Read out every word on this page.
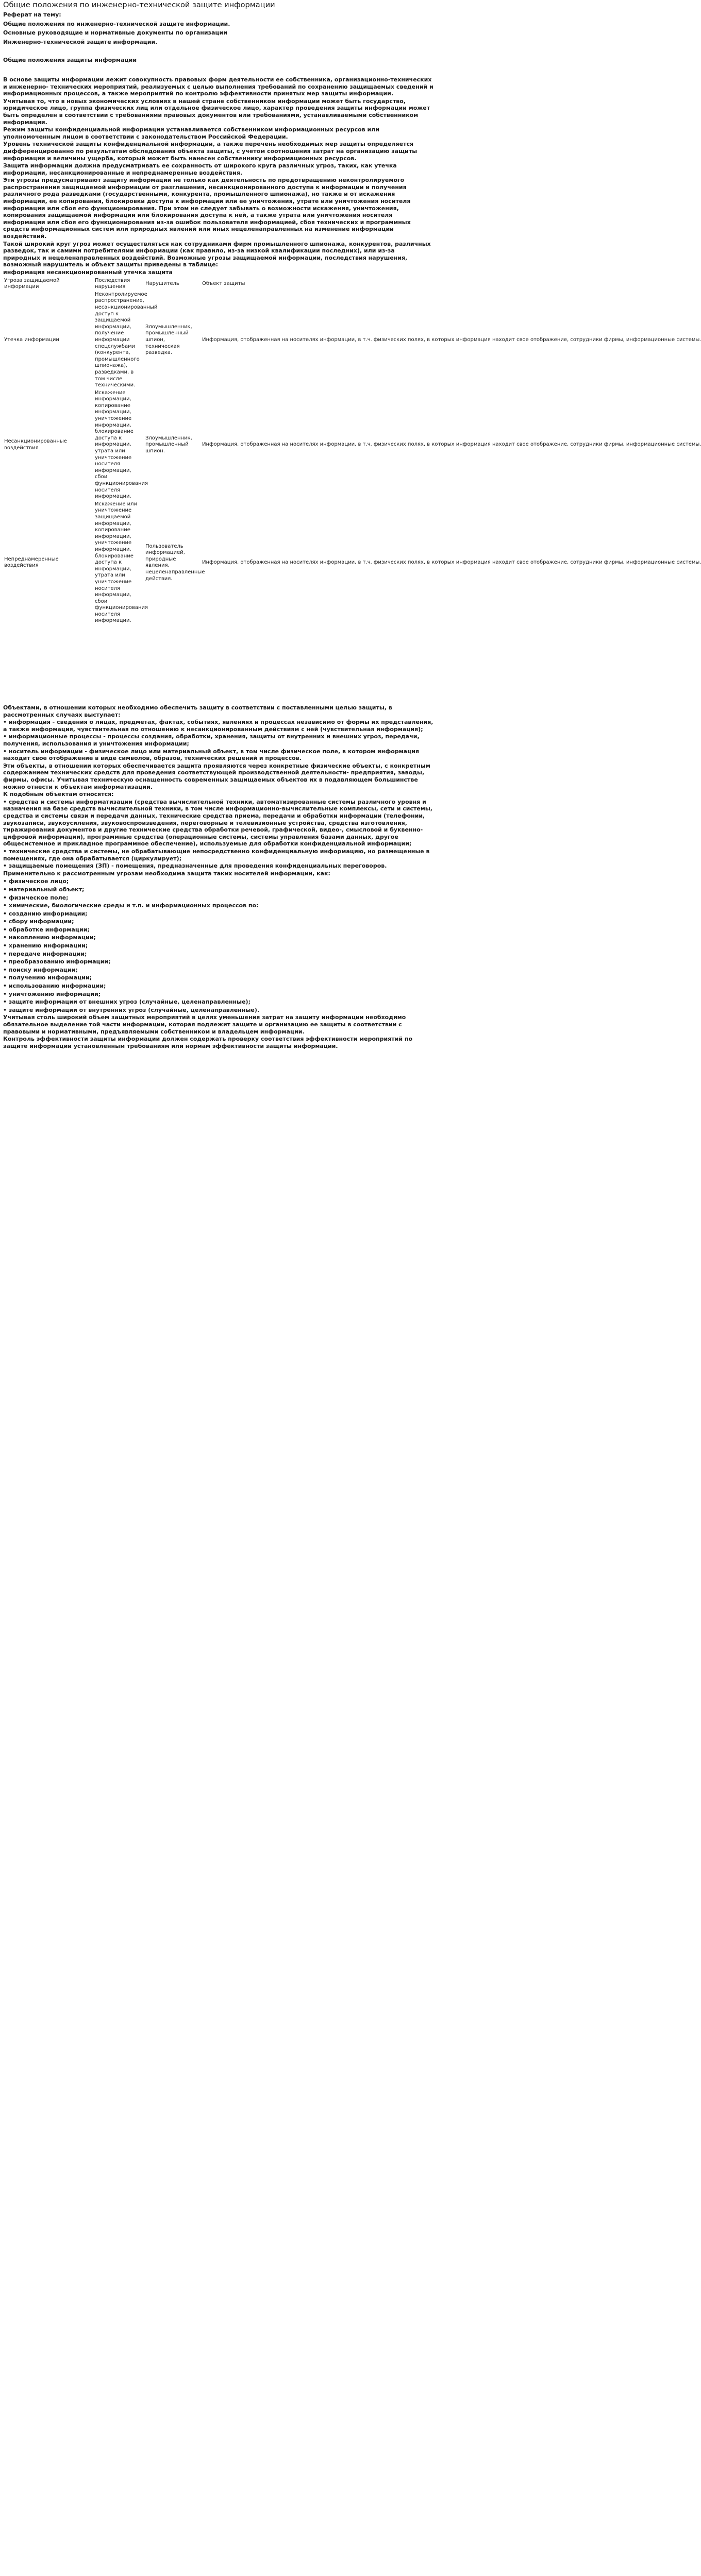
Общие положения по инженерно-технической защите информации

Реферат на тему:

Общие положения по инженерно-технической защите информации.

Основные руководящие и нормативные документы по организации

Инженерно-технической защите информации.

Общие положения защиты информации

В основе защиты информации лежит совокупность правовых форм деятельности ее собственника, организационно-технических и инженерно- технических мероприятий, реализуемых с целью выполнения требований по сохранению защищаемых сведений и информационных процессов, а также мероприятий по контролю эффективности принятых мер защиты информации.

Учитывая то, что в новых экономических условиях в нашей стране собственником информации может быть государство, юридическое лицо, группа физических лиц или отдельное физическое лицо, характер проведения защиты информации может быть определен в соответствии с требованиями правовых документов или требованиями, устанавливаемыми собственником информации.

Режим защиты конфиденциальной информации устанавливается собственником информационных ресурсов или уполномоченным лицом в соответствии с законодательством Российской Федерации.

Уровень технической защиты конфиденциальной информации, а также перечень необходимых мер защиты определяется дифференцированно по результатам обследования объекта защиты, с учетом соотношения затрат на организацию защиты информации и величины ущерба, который может быть нанесен собственнику информационных ресурсов.

Защита информации должна предусматривать ее сохранность от широкого круга различных угроз, таких, как утечка информации, несанкционированные и непреднамеренные воздействия.

Эти угрозы предусматривают защиту информации не только как деятельность по предотвращению неконтролируемого распространения защищаемой информации от разглашения, несанкционированного доступа к информации и получения различного рода разведками (государственными, конкурента, промышленного шпионажа), но также и от искажения информации, ее копирования, блокировки доступа к информации или ее уничтожения, утрате или уничтожения носителя информации или сбоя его функционирования. При этом не следует забывать о возможности искажения, уничтожения, копирования защищаемой информации или блокирования доступа к ней, а также утрата или уничтожения носителя информации или сбоя его функционирования из-за ошибок пользователя информацией, сбоя технических и программных средств информационных систем или природных явлений или иных нецеленаправленных на изменение информации воздействий.

Такой широкий круг угроз может осуществляться как сотрудниками фирм промышленного шпионажа, конкурентов, различных разведок, так и самими потребителями информации (как правило, из-за низкой квалификации последних), или из-за природных и нецеленаправленных воздействий. Возможные угрозы защищаемой информации, последствия нарушения, возможный нарушитель и объект защиты приведены в таблице:

информация несанкционированный утечка защита

Угроза защищаемой информации	Последствия нарушения	Нарушитель	Объект защиты	
Утечка информации	Неконтролируемое распространение, несанкционированный доступ к защищаемой информации, получение информации спецслужбами (конкурента, промышленного шпионажа), разведками, в том числе техническими.	Злоумышленник, промышленный шпион, техническая разведка.	Информация, отображенная на носителях информации, в т.ч. физических полях, в которых информация находит свое отображение, сотрудники фирмы, информационные системы.	
Несанкционированные воздействия	Искажение информации, копирование информации, уничтожение информации, блокирование доступа к информации, утрата или уничтожение носителя информации, сбои функционирования носителя информации.	Злоумышленник, промышленный шпион.	Информация, отображенная на носителях информации, в т.ч. физических полях, в которых информация находит свое отображение, сотрудники фирмы, информационные системы.	
Непреднамеренные воздействия	Искажение или уничтожение защищаемой информации, копирование информации, уничтожение информации, блокирование доступа к информации, утрата или уничтожение носителя информации, сбои функционирования носителя информации.	Пользователь информацией, природные явления, нецеленаправленные действия.	Информация, отображенная на носителях информации, в т.ч. физических полях, в которых информация находит свое отображение, сотрудники фирмы, информационные системы.	

Объектами, в отношении которых необходимо обеспечить защиту в соответствии с поставленными целью защиты, в рассмотренных случаях выступает:

• информация - сведения о лицах, предметах, фактах, событиях, явлениях и процессах независимо от формы их представления, а также информация, чувствительная по отношению к несанкционированным действиям с ней (чувствительная информация);

• информационные процессы - процессы создания, обработки, хранения, защиты от внутренних и внешних угроз, передачи, получения, использования и уничтожения информации;

• носитель информации - физическое лицо или материальный объект, в том числе физическое поле, в котором информация находит свое отображение в виде символов, образов, технических решений и процессов.

Эти объекты, в отношении которых обеспечивается защита проявляются через конкретные физические объекты, с конкретным содержанием технических средств для проведения соответствующей производственной деятельности- предприятия, заводы, фирмы, офисы. Учитывая техническую оснащенность современных защищаемых объектов их в подавляющем большинстве можно отнести к объектам информатизации.

К подобным объектам относятся:

• средства и системы информатизации (средства вычислительной техники, автоматизированные системы различного уровня и назначения на базе средств вычислительной техники, в том числе информационно-вычислительные комплексы, сети и системы, средства и системы связи и передачи данных, технические средства приема, передачи и обработки информации (телефонии, звукозаписи, звукоусиления, звуковоспроизведения, переговорные и телевизионные устройства, средства изготовления, тиражирования документов и другие технические средства обработки речевой, графической, видео-, смысловой и буквенно-цифровой информации), программные средства (операционные системы, системы управления базами данных, другое общесистемное и прикладное программное обеспечение), используемые для обработки конфиденциальной информации;

• технические средства и системы, не обрабатывающие непосредственно конфиденциальную информацию, но размещенные в помещениях, где она обрабатывается (циркулирует);

• защищаемые помещения (ЗП) - помещения, предназначенные для проведения конфиденциальных переговоров.

Применительно к рассмотренным угрозам необходима защита таких носителей информации, как:

• физическое лицо;
• материальный объект;
• физическое поле;
• химические, биологические среды и т.п. и информационных процессов по:
• созданию информации;
• сбору информации;
• обработке информации;
• накоплению информации;
• хранению информации;
• передаче информации;
• преобразованию информации;
• поиску информации;
• получению информации;
• использованию информации;
• уничтожению информации;
• защите информации от внешних угроз (случайные, целенаправленные);
• защите информации от внутренних угроз (случайные, целенаправленные).

Учитывая столь широкий объем защитных мероприятий в целях уменьшения затрат на защиту информации необходимо обязательное выделение той части информации, которая подлежит защите и организацию ее защиты в соответствии с правовыми и нормативными, предъявляемыми собственником и владельцем информации.

Контроль эффективности защиты информации должен содержать проверку соответствия эффективности мероприятий по защите информации установленным требованиям или нормам эффективности защиты информации.
